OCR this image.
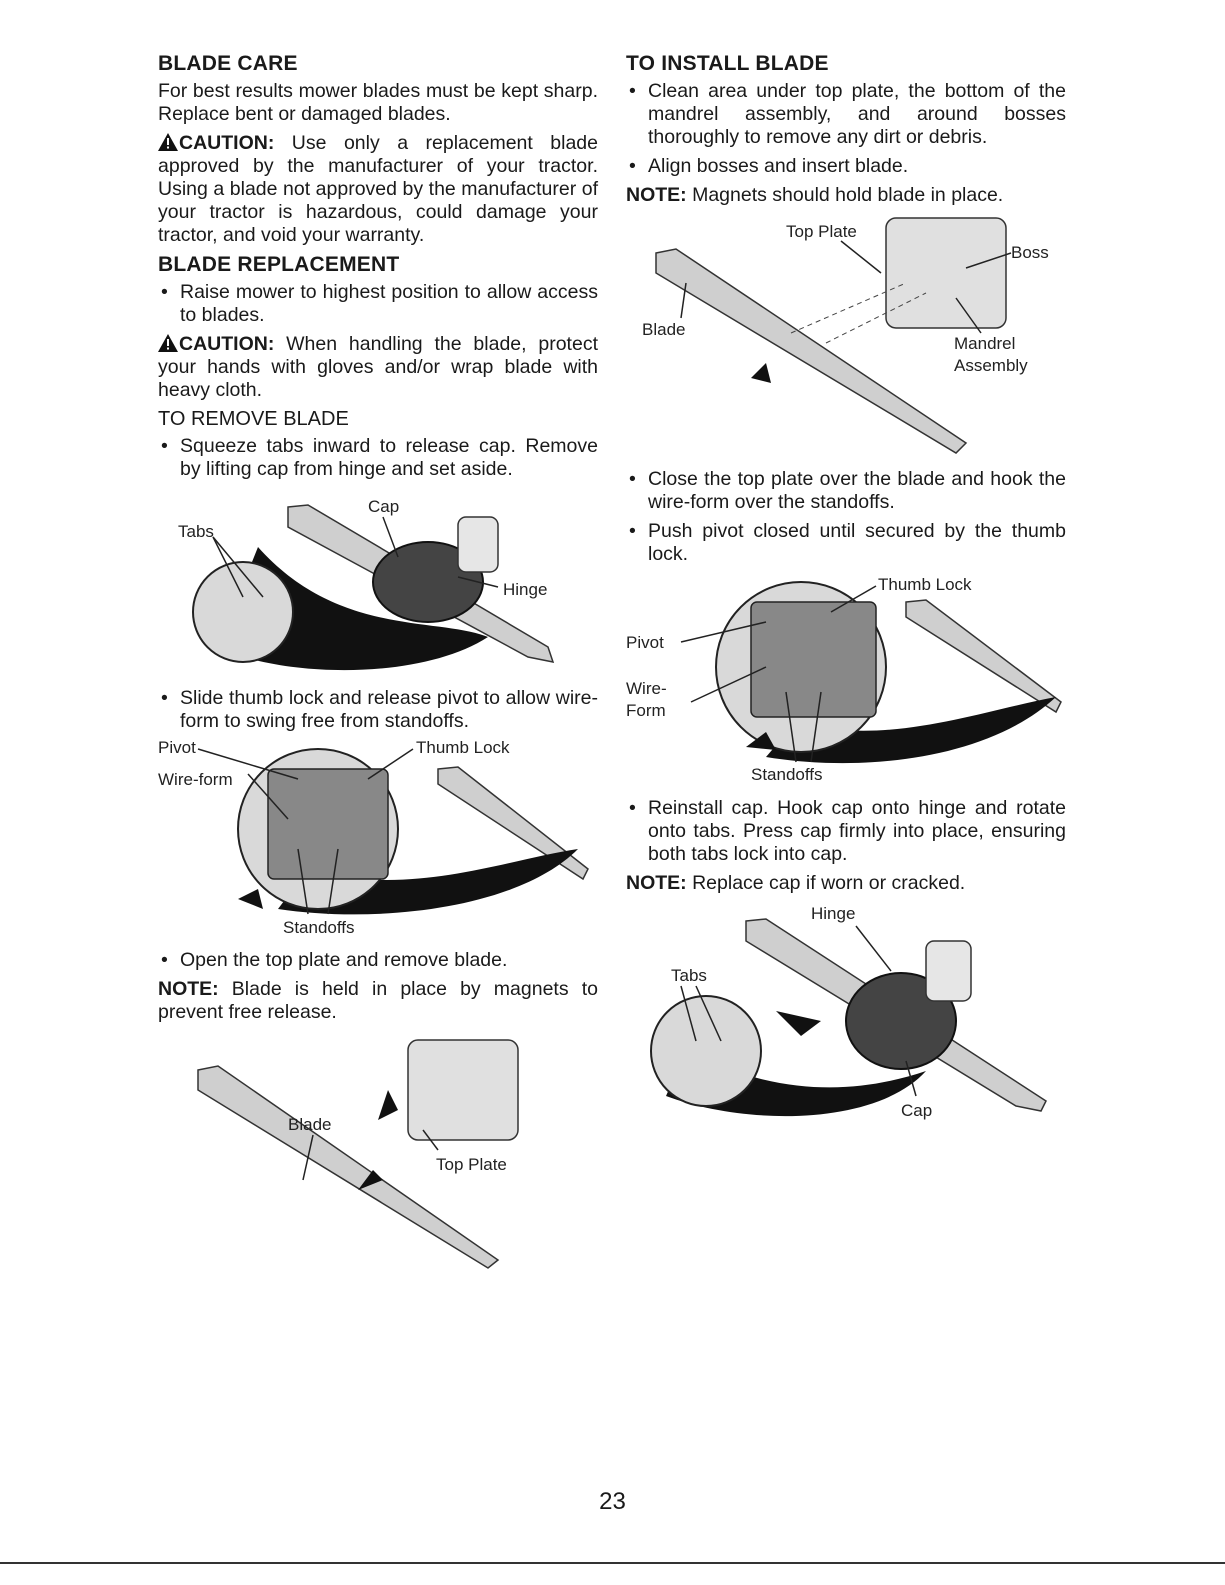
BLADE CARE

For best results mower blades must be kept sharp. Replace bent or damaged blades.

CAUTION: Use only a replacement blade approved by the manufacturer of your tractor. Using a blade not approved by the manufacturer of your tractor is hazardous, could damage your tractor, and void your warranty.

BLADE REPLACEMENT
• Raise mower to highest position to allow access to blades.

CAUTION: When handling the blade, protect your hands with gloves and/or wrap blade with heavy cloth.

TO REMOVE BLADE
• Squeeze tabs inward to release cap. Remove by lifting cap from hinge and set aside.
Cap
Tabs
Hinge
• Slide thumb lock and release pivot to allow wire-form to swing free from standoffs.
Pivot
Wire-form
Thumb Lock
Standoffs
• Open the top plate and remove blade.

NOTE: Blade is held in place by magnets to prevent free release.

Blade
Top Plate
TO INSTALL BLADE
• Clean area under top plate, the bottom of the mandrel assembly, and around bosses thoroughly to remove any dirt or debris.
• Align bosses and insert blade.

NOTE: Magnets should hold blade in place.

Top Plate
Boss
Blade
Mandrel
Assembly
• Close the top plate over the blade and hook the wire-form over the standoffs.
• Push pivot closed until secured by the thumb lock.
Thumb Lock
Pivot
Wire-
Form
Standoffs
• Reinstall cap. Hook cap onto hinge and rotate onto tabs. Press cap firmly into place, ensuring both tabs lock into cap.

NOTE: Replace cap if worn or cracked.

Hinge
Tabs
Cap
23
